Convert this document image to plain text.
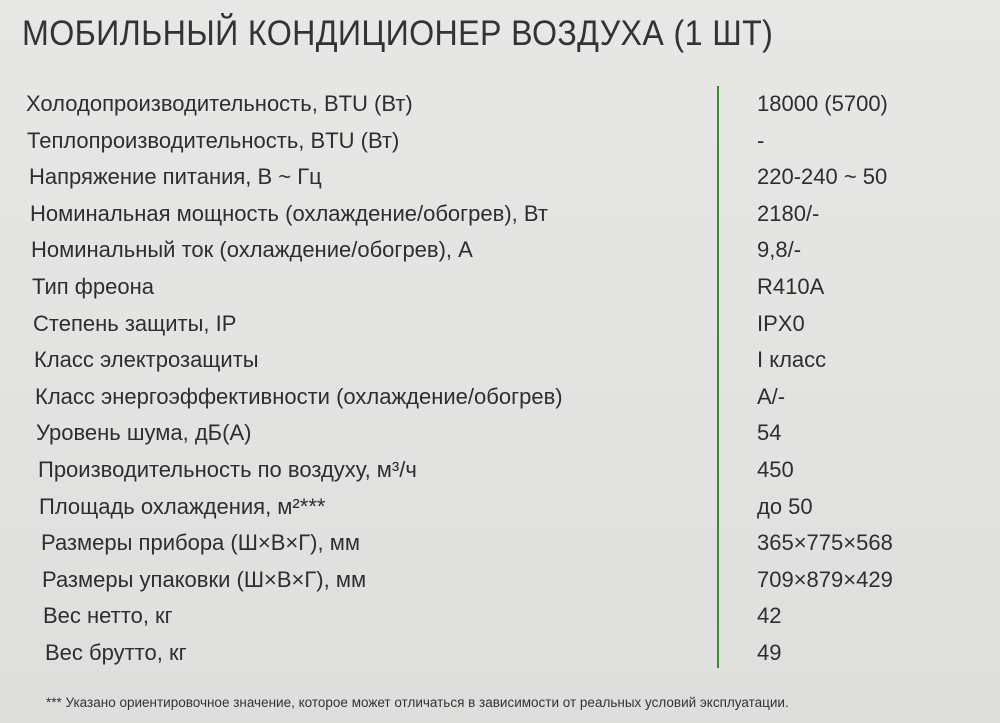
МОБИЛЬНЫЙ КОНДИЦИОНЕР ВОЗДУХА (1 ШТ)
Холодопроизводительность, BTU (Вт)	18000 (5700)
Теплопроизводительность, BTU (Вт)	-
Напряжение питания, В ~ Гц	220-240 ~ 50
Номинальная мощность (охлаждение/обогрев), Вт	2180/-
Номинальный ток (охлаждение/обогрев), А	9,8/-
Тип фреона	R410A
Степень защиты, IP	IPX0
Класс электрозащиты	I класс
Класс энергоэффективности (охлаждение/обогрев)	A/-
Уровень шума, дБ(А)	54
Производительность по воздуху, м³/ч	450
Площадь охлаждения, м²***	до 50
Размеры прибора (Ш×В×Г), мм	365×775×568
Размеры упаковки (Ш×В×Г), мм	709×879×429
Вес нетто, кг	42
Вес брутто, кг	49
*** Указано ориентировочное значение, которое может отличаться в зависимости от реальных условий эксплуатации.
